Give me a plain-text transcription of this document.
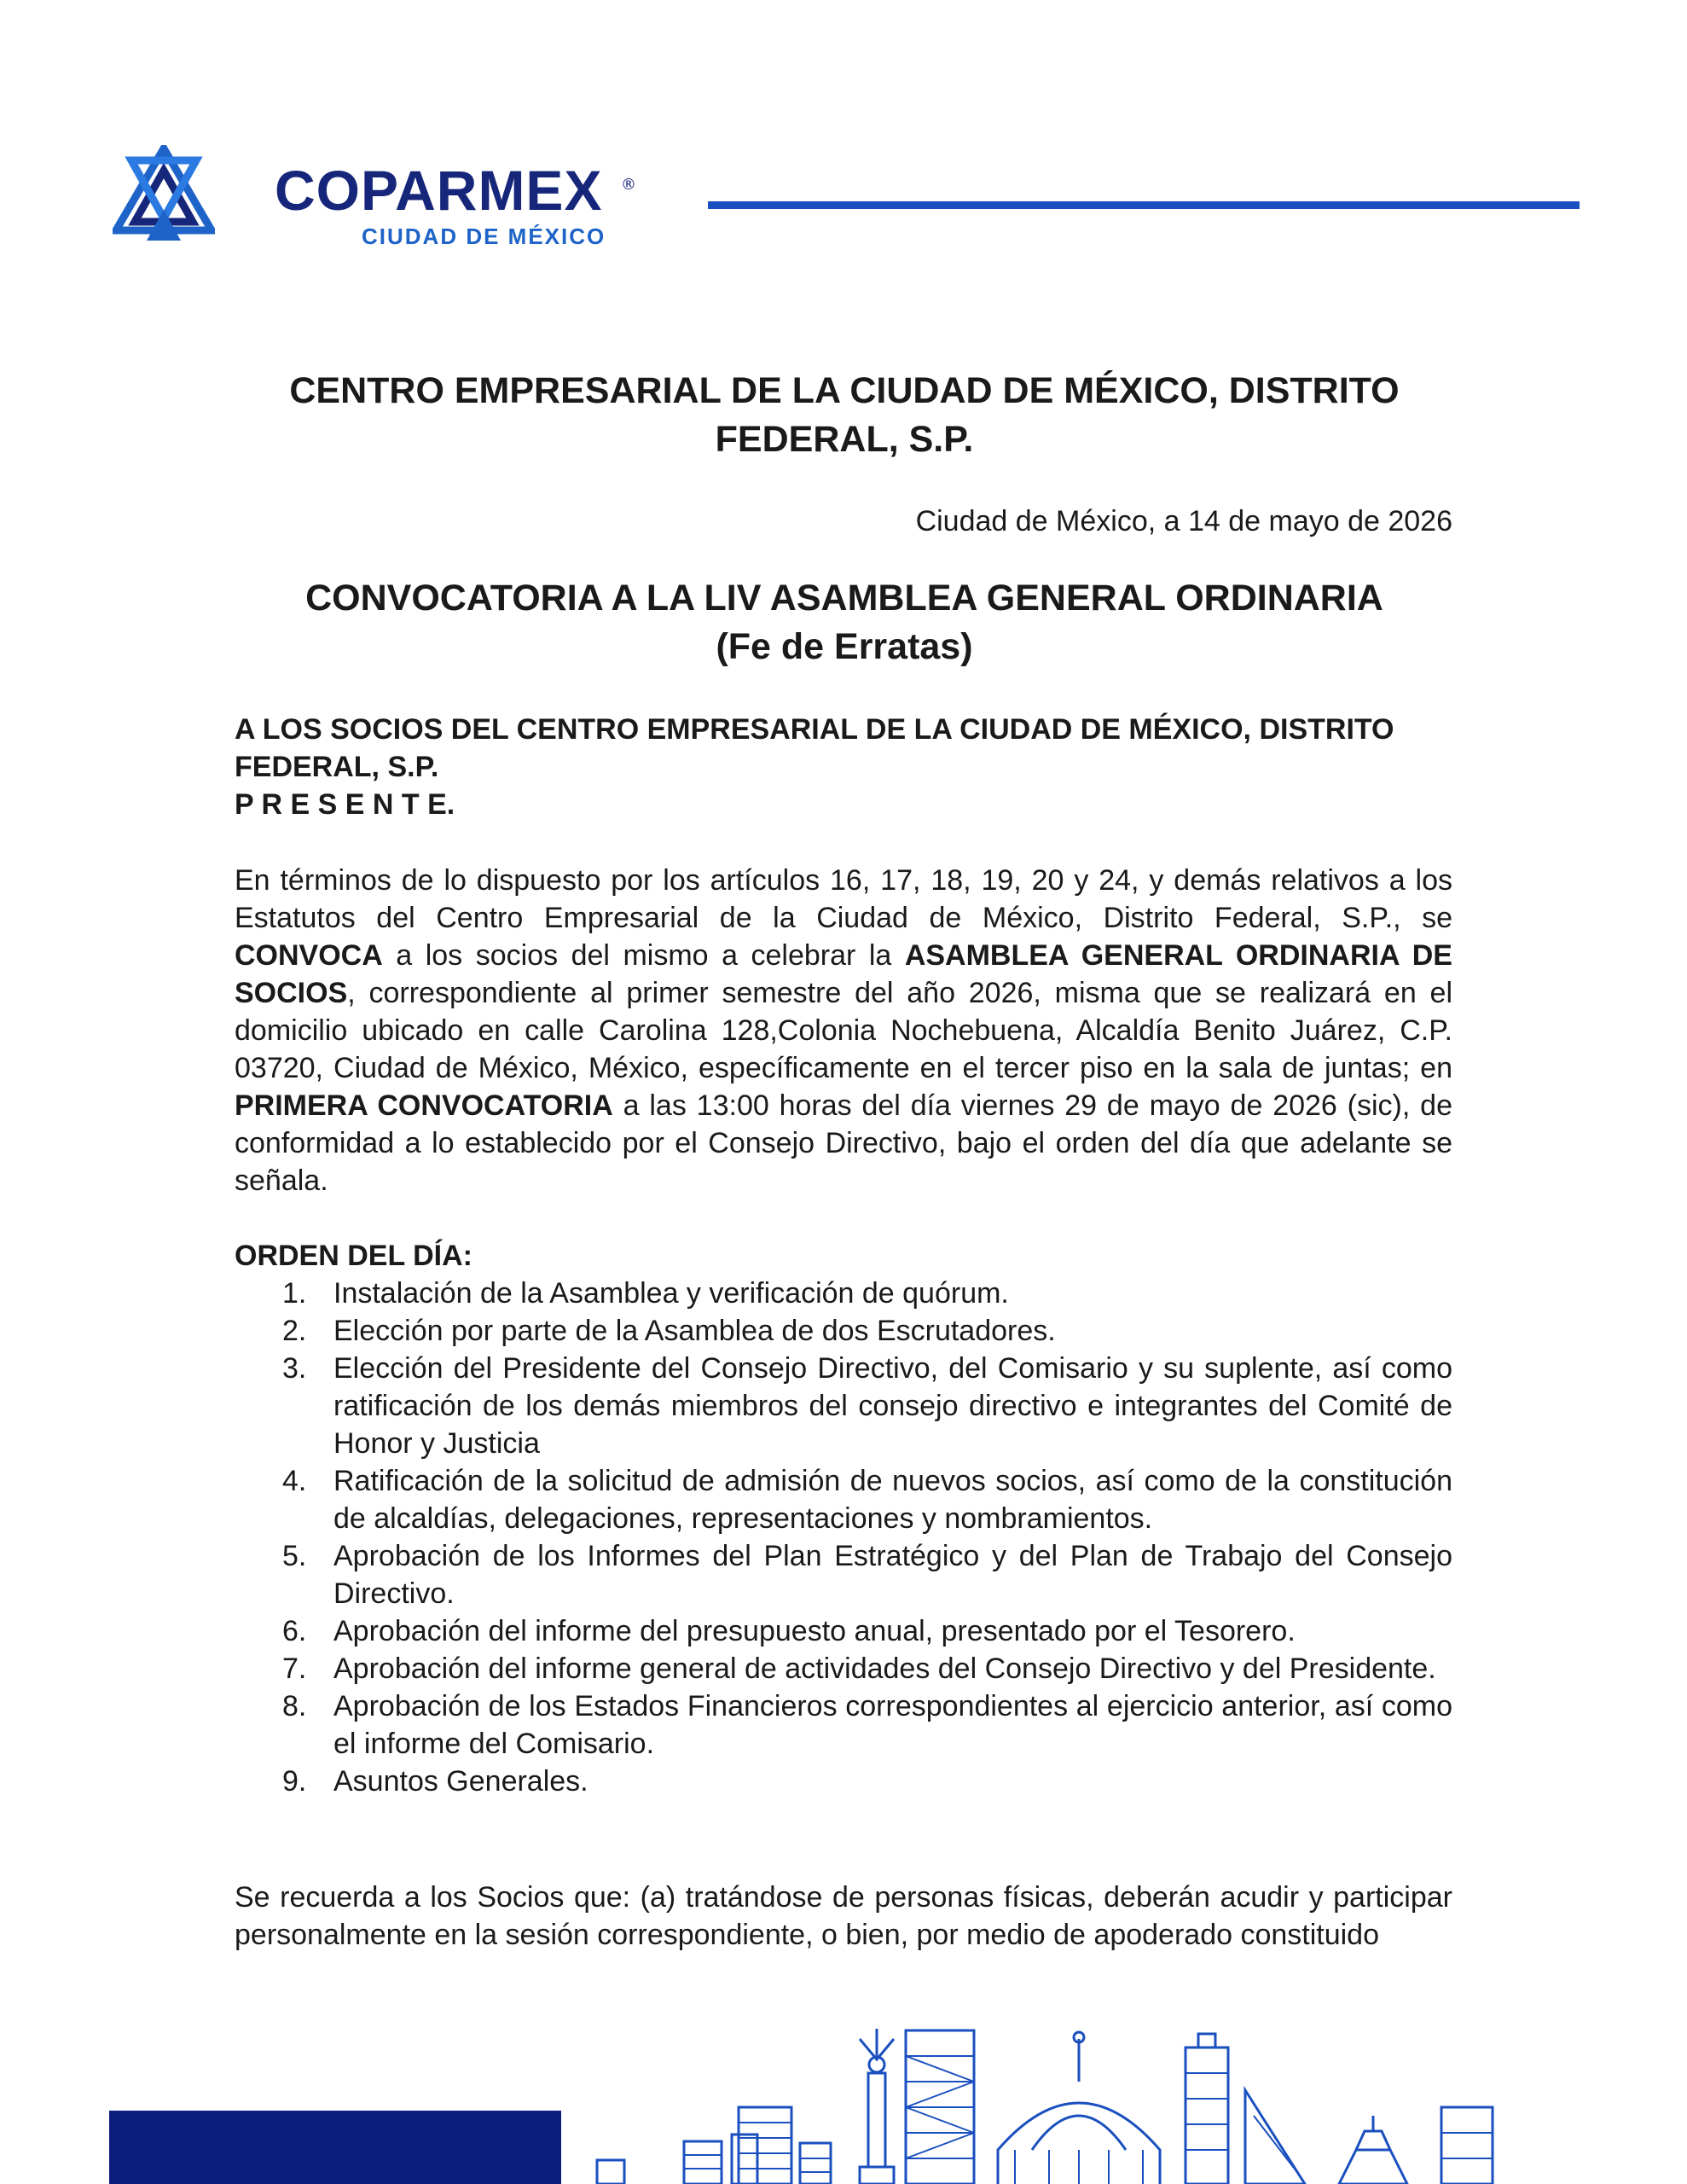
COPARMEX ®
CIUDAD DE MÉXICO
CENTRO EMPRESARIAL DE LA CIUDAD DE MÉXICO, DISTRITO
FEDERAL, S.P.
Ciudad de México, a 14 de mayo de 2026
CONVOCATORIA A LA LIV ASAMBLEA GENERAL ORDINARIA
(Fe de Erratas)
A LOS SOCIOS DEL CENTRO EMPRESARIAL DE LA CIUDAD DE MÉXICO, DISTRITO
FEDERAL, S.P.
P R E S E N T E.

En términos de lo dispuesto por los artículos 16, 17, 18, 19, 20 y 24, y demás relativos a los Estatutos del Centro Empresarial de la Ciudad de México, Distrito Federal, S.P., se CONVOCA a los socios del mismo a celebrar la ASAMBLEA GENERAL ORDINARIA DE SOCIOS, correspondiente al primer semestre del año 2026, misma que se realizará en el domicilio ubicado en calle Carolina 128,Colonia Nochebuena, Alcaldía Benito Juárez, C.P. 03720, Ciudad de México, México, específicamente en el tercer piso en la sala de juntas; en PRIMERA CONVOCATORIA a las 13:00 horas del día viernes 29 de mayo de 2026 (sic), de conformidad a lo establecido por el Consejo Directivo, bajo el orden del día que adelante se señala.

ORDEN DEL DÍA:
1. Instalación de la Asamblea y verificación de quórum.
2. Elección por parte de la Asamblea de dos Escrutadores.
3. Elección del Presidente del Consejo Directivo, del Comisario y su suplente, así como ratificación de los demás miembros del consejo directivo e integrantes del Comité de Honor y Justicia
4. Ratificación de la solicitud de admisión de nuevos socios, así como de la constitución de alcaldías, delegaciones, representaciones y nombramientos.
5. Aprobación de los Informes del Plan Estratégico y del Plan de Trabajo del Consejo Directivo.
6. Aprobación del informe del presupuesto anual, presentado por el Tesorero.
7. Aprobación del informe general de actividades del Consejo Directivo y del Presidente.
8. Aprobación de los Estados Financieros correspondientes al ejercicio anterior, así como el informe del Comisario.
9. Asuntos Generales.

Se recuerda a los Socios que: (a) tratándose de personas físicas, deberán acudir y participar personalmente en la sesión correspondiente, o bien, por medio de apoderado constituido
